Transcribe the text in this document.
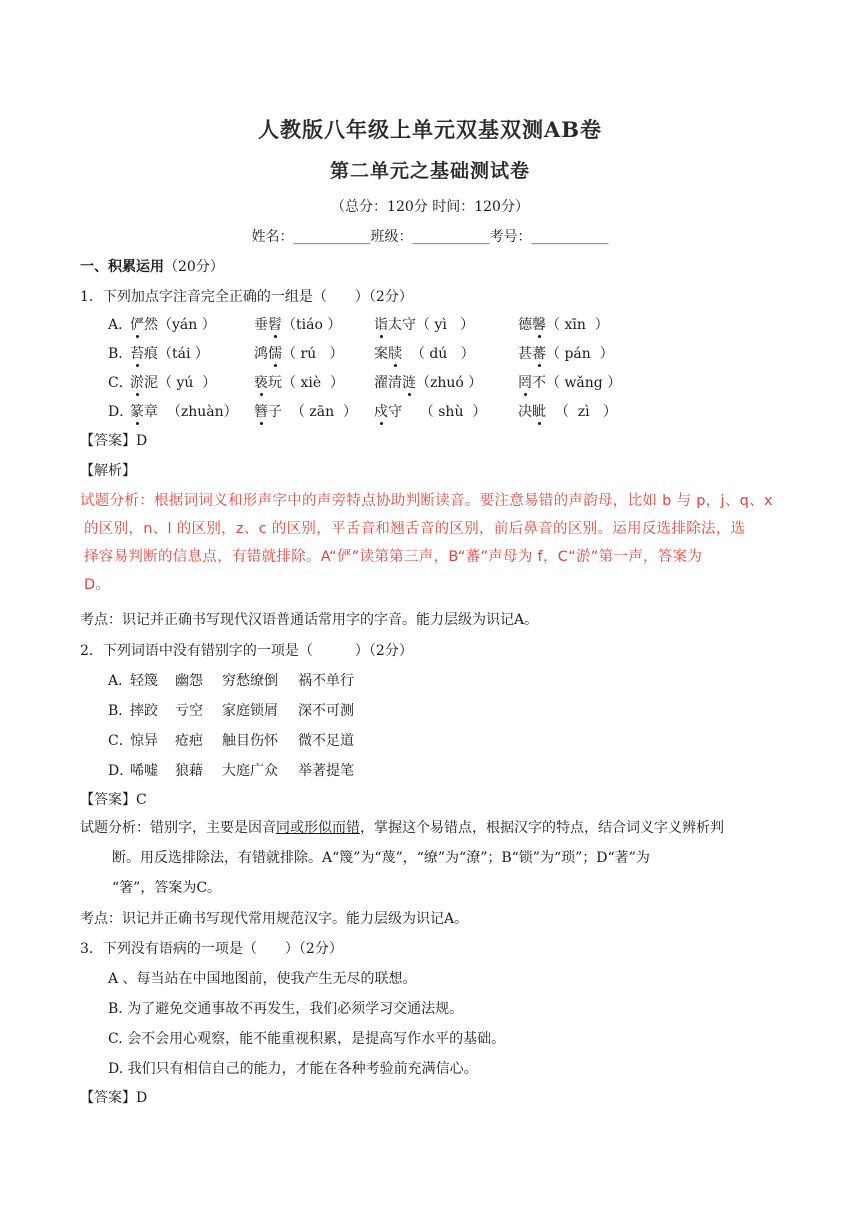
人教版八年级上单元双基双测AB卷
第二单元之基础测试卷
（总分：120分 时间：120分）
姓名：___________班级：___________考号：___________
一、积累运用（20分）
1．下列加点字注音完全正确的一组是（　　）（2分）
A．
俨然（yán ）	垂髫（tiáo ） 诣太守（ yì   ）	德馨（ xīn  ）
B．
苔痕（tái ）	鸿儒（ rú   ） 案牍  （ dú   ）	甚蕃（ pán  ）
C．
淤泥（ yú  ）	亵玩（ xiè  ） 濯清涟（zhuó ）	罔不（ wǎng ）
D．
篆章  （zhuàn） 簪子  （ zān  ） 戍守    （ shù  ） 决眦  （  zì   ）
【答案】D
【解析】
试题分析：根据词词义和形声字中的声旁特点协助判断读音。要注意易错的声韵母，比如 b 与 p，j、q、x
的区别，n、l 的区别，z、c 的区别，平舌音和翘舌音的区别，前后鼻音的区别。运用反选排除法，选
择容易判断的信息点，有错就排除。A“俨”读第第三声，B“蕃”声母为 f，C“淤”第一声，答案为
D。
考点：识记并正确书写现代汉语普通话常用字的字音。能力层级为识记A。
2．下列词语中没有错别字的一项是（　　　）（2分）
A．
轻篾 幽怨 穷愁缭倒 祸不单行
B．
摔跤 亏空 家庭锁屑 深不可测
C．
惊异 疮疤 触目伤怀 微不足道
D．
唏嘘 狼藉 大庭广众 举著提笔
【答案】C
试题分析：错别字，主要是因音同或形似而错，掌握这个易错点，根据汉字的特点，结合词义字义辨析判
断。用反选排除法，有错就排除。A“篾”为“蔑”，“缭”为“潦”；B“锁”为“琐”；D“著”为
“箸”，答案为C。
考点：识记并正确书写现代常用规范汉字。能力层级为识记A。
3．下列没有语病的一项是（　　）（2分）
A 、每当站在中国地图前，使我产生无尽的联想。
B. 为了避免交通事故不再发生，我们必须学习交通法规。
C. 会不会用心观察，能不能重视积累，是提高写作水平的基础。
D. 我们只有相信自己的能力，才能在各种考验前充满信心。
【答案】D
